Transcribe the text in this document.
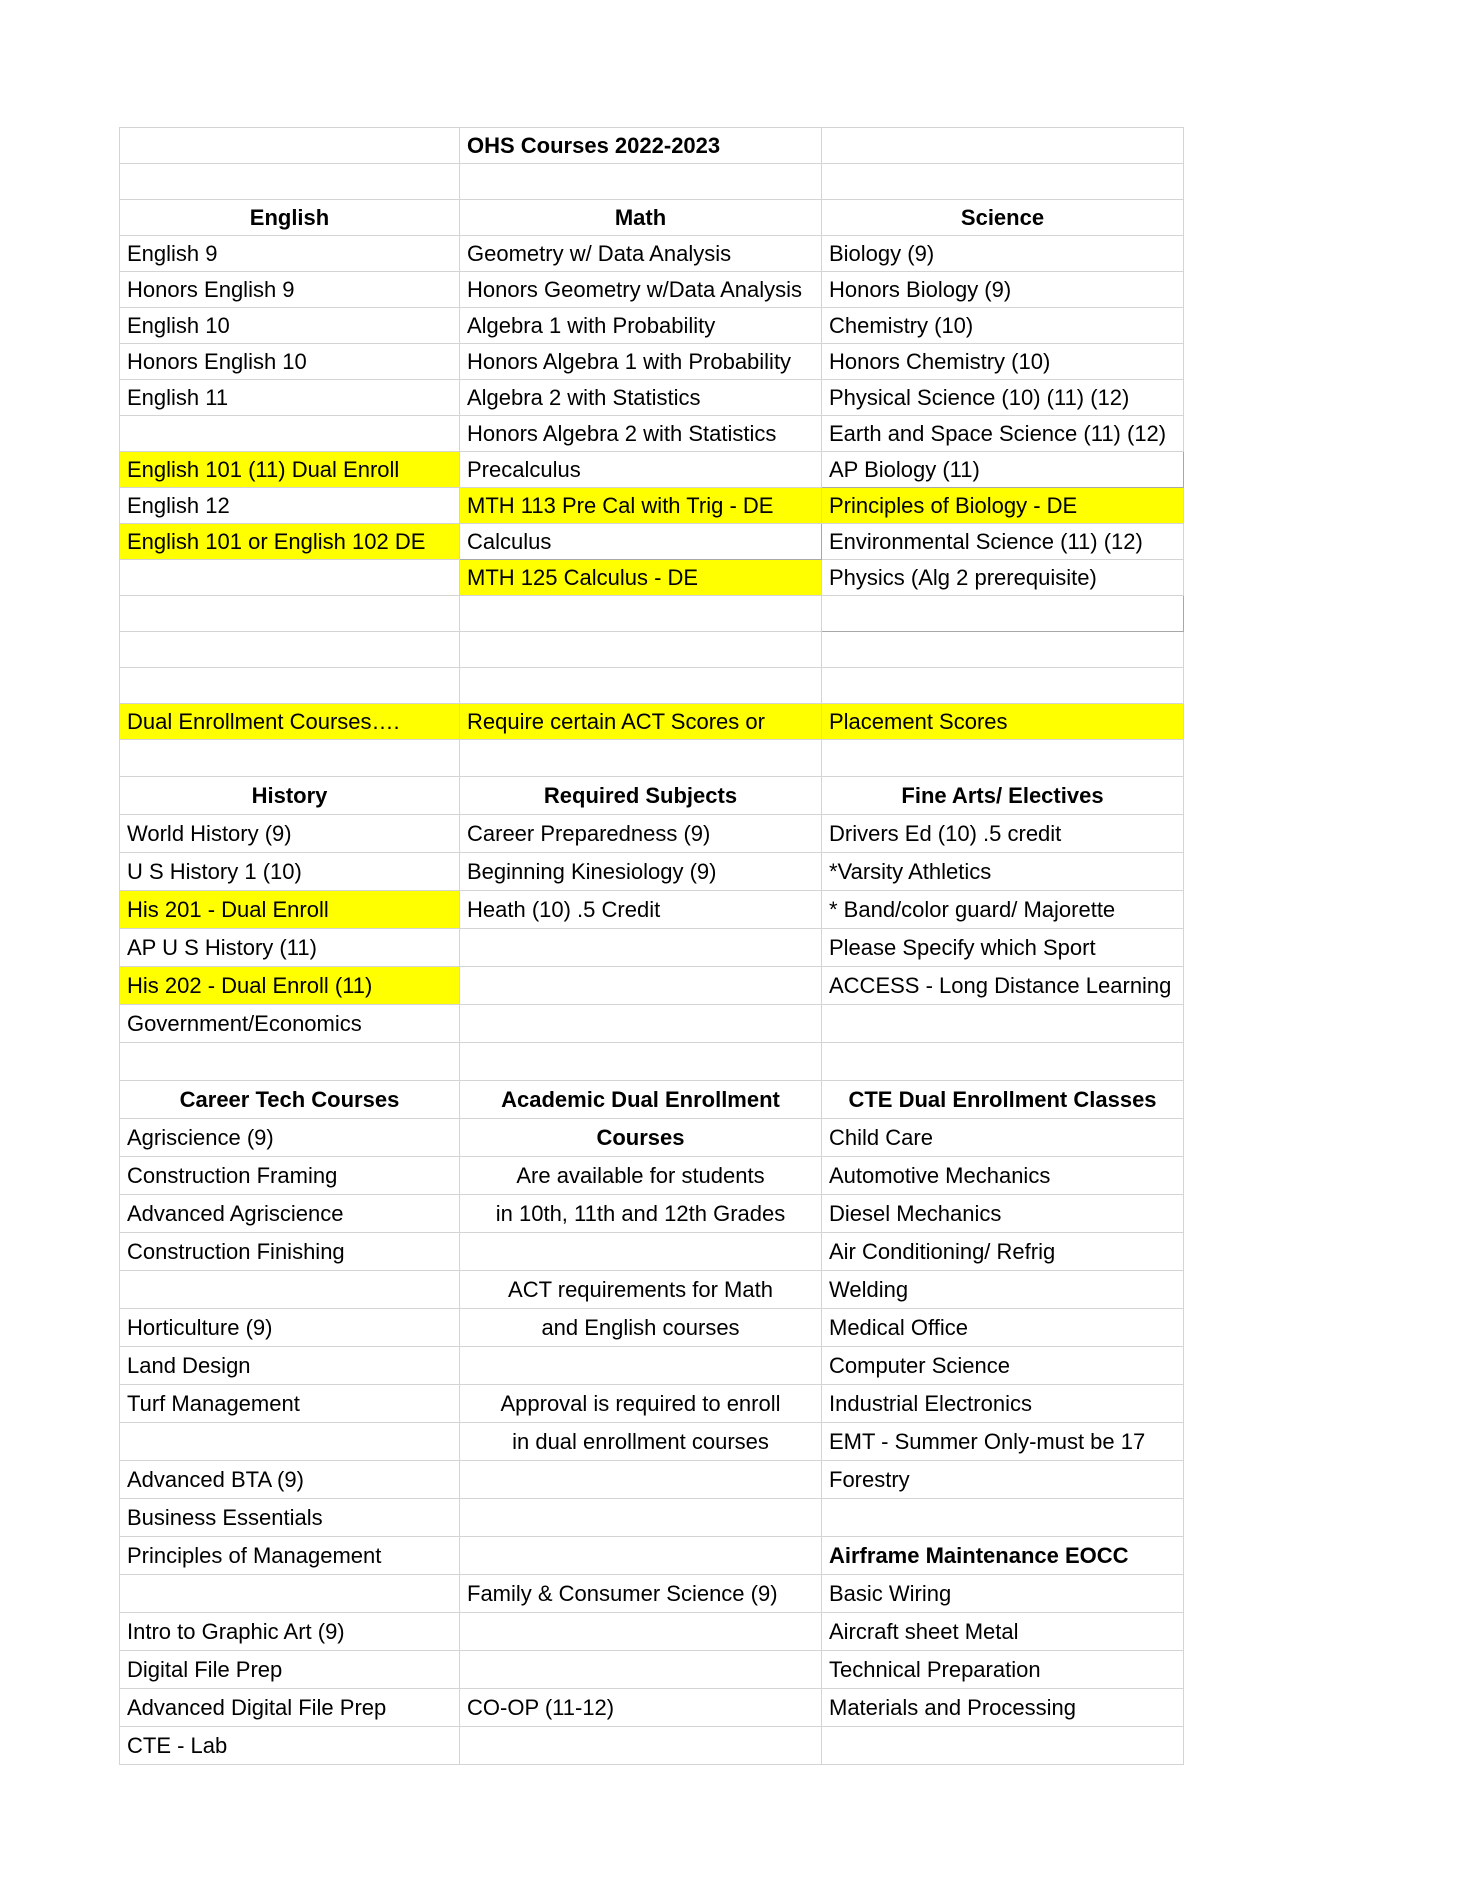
	OHS Courses 2022-2023	

English	Math	Science
English 9	Geometry w/ Data Analysis	Biology (9)
Honors English 9	Honors Geometry w/Data Analysis	Honors Biology (9)
English 10	Algebra 1 with Probability	Chemistry (10)
Honors English 10	Honors Algebra 1 with Probability	Honors Chemistry (10)
English 11	Algebra 2 with Statistics	Physical Science (10) (11) (12)
	Honors Algebra 2 with Statistics	Earth and Space Science (11) (12)
English 101 (11) Dual Enroll	Precalculus	AP Biology (11)
English 12	MTH 113 Pre Cal with Trig - DE	Principles of Biology - DE
English 101 or English 102 DE	Calculus	Environmental Science (11) (12)
	MTH 125 Calculus - DE	Physics (Alg 2 prerequisite)

Dual Enrollment Courses….	Require certain ACT Scores or	Placement Scores

History	Required Subjects	Fine Arts/ Electives
World History (9)	Career Preparedness (9)	Drivers Ed (10) .5 credit
U S History 1 (10)	Beginning Kinesiology (9)	*Varsity Athletics
His 201 - Dual Enroll	Heath (10) .5 Credit	* Band/color guard/ Majorette
AP U S History (11)		Please Specify which Sport
His 202 - Dual Enroll (11)		ACCESS - Long Distance Learning
Government/Economics		

Career Tech Courses	Academic Dual Enrollment	CTE Dual Enrollment Classes
Agriscience (9)	Courses	Child Care
Construction Framing	Are available for students	Automotive Mechanics
Advanced Agriscience	in 10th, 11th and 12th Grades	Diesel Mechanics
Construction Finishing		Air Conditioning/ Refrig
	ACT requirements for Math	Welding
Horticulture (9)	and English courses	Medical Office
Land Design		Computer Science
Turf Management	Approval is required to enroll	Industrial Electronics
	in dual enrollment courses	EMT - Summer Only-must be 17
Advanced BTA (9)		Forestry
Business Essentials		
Principles of Management		Airframe Maintenance EOCC
	Family & Consumer Science (9)	Basic Wiring
Intro to Graphic Art (9)		Aircraft sheet Metal
Digital File Prep		Technical Preparation
Advanced Digital File Prep	CO-OP (11-12)	Materials and Processing
CTE - Lab		
